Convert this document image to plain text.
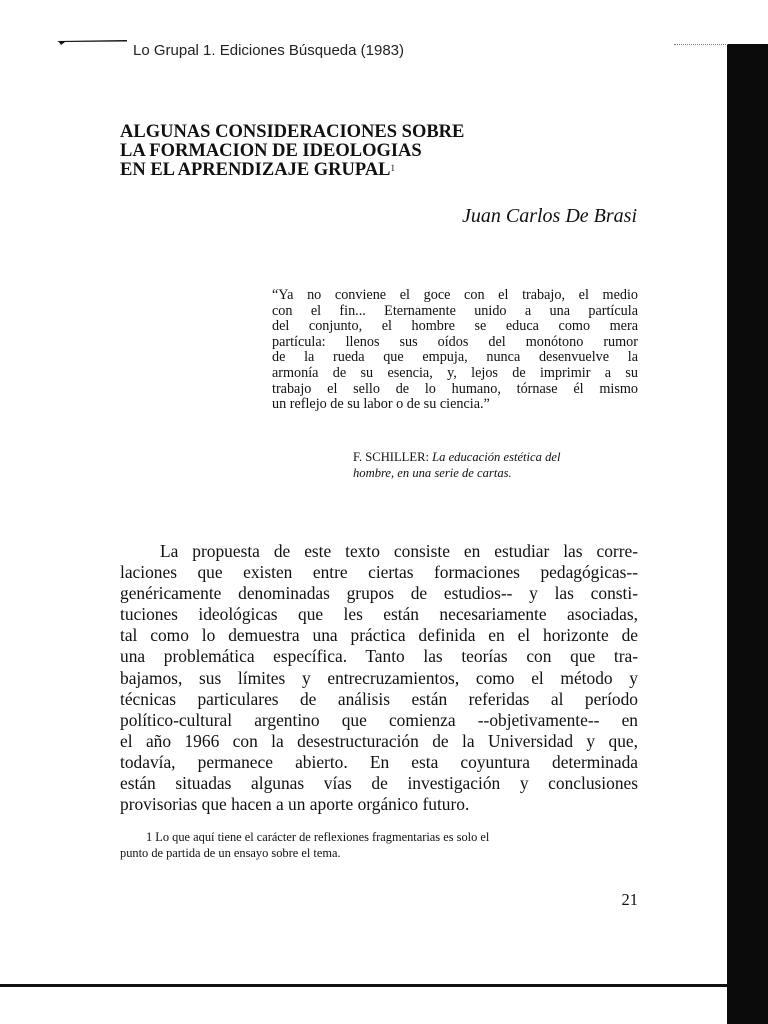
Lo Grupal 1. Ediciones Búsqueda (1983)
ALGUNAS CONSIDERACIONES SOBRE
LA FORMACION DE IDEOLOGIAS
EN EL APRENDIZAJE GRUPAL$^1$
Juan Carlos De Brasi

“Ya no conviene el goce con el trabajo, el medio
con el fin... Eternamente unido a una partícula
del conjunto, el hombre se educa como mera
partícula: llenos sus oídos del monótono rumor
de la rueda que empuja, nunca desenvuelve la
armonía de su esencia, y, lejos de imprimir a su
trabajo el sello de lo humano, tórnase él mismo
un reflejo de su labor o de su ciencia.”

F. SCHILLER: La educación estética del
hombre, en una serie de cartas.

La propuesta de este texto consiste en estudiar las corre-
laciones que existen entre ciertas formaciones pedagógicas--
genéricamente denominadas grupos de estudios-- y las consti-
tuciones ideológicas que les están necesariamente asociadas,
tal como lo demuestra una práctica definida en el horizonte de
una problemática específica. Tanto las teorías con que tra-
bajamos, sus límites y entrecruzamientos, como el método y
técnicas particulares de análisis están referidas al período
político-cultural argentino que comienza --objetivamente-- en
el año 1966 con la desestructuración de la Universidad y que,
todavía, permanece abierto. En esta coyuntura determinada
están situadas algunas vías de investigación y conclusiones
provisorias que hacen a un aporte orgánico futuro.

1 Lo que aquí tiene el carácter de reflexiones fragmentarias es solo el
punto de partida de un ensayo sobre el tema.

21
